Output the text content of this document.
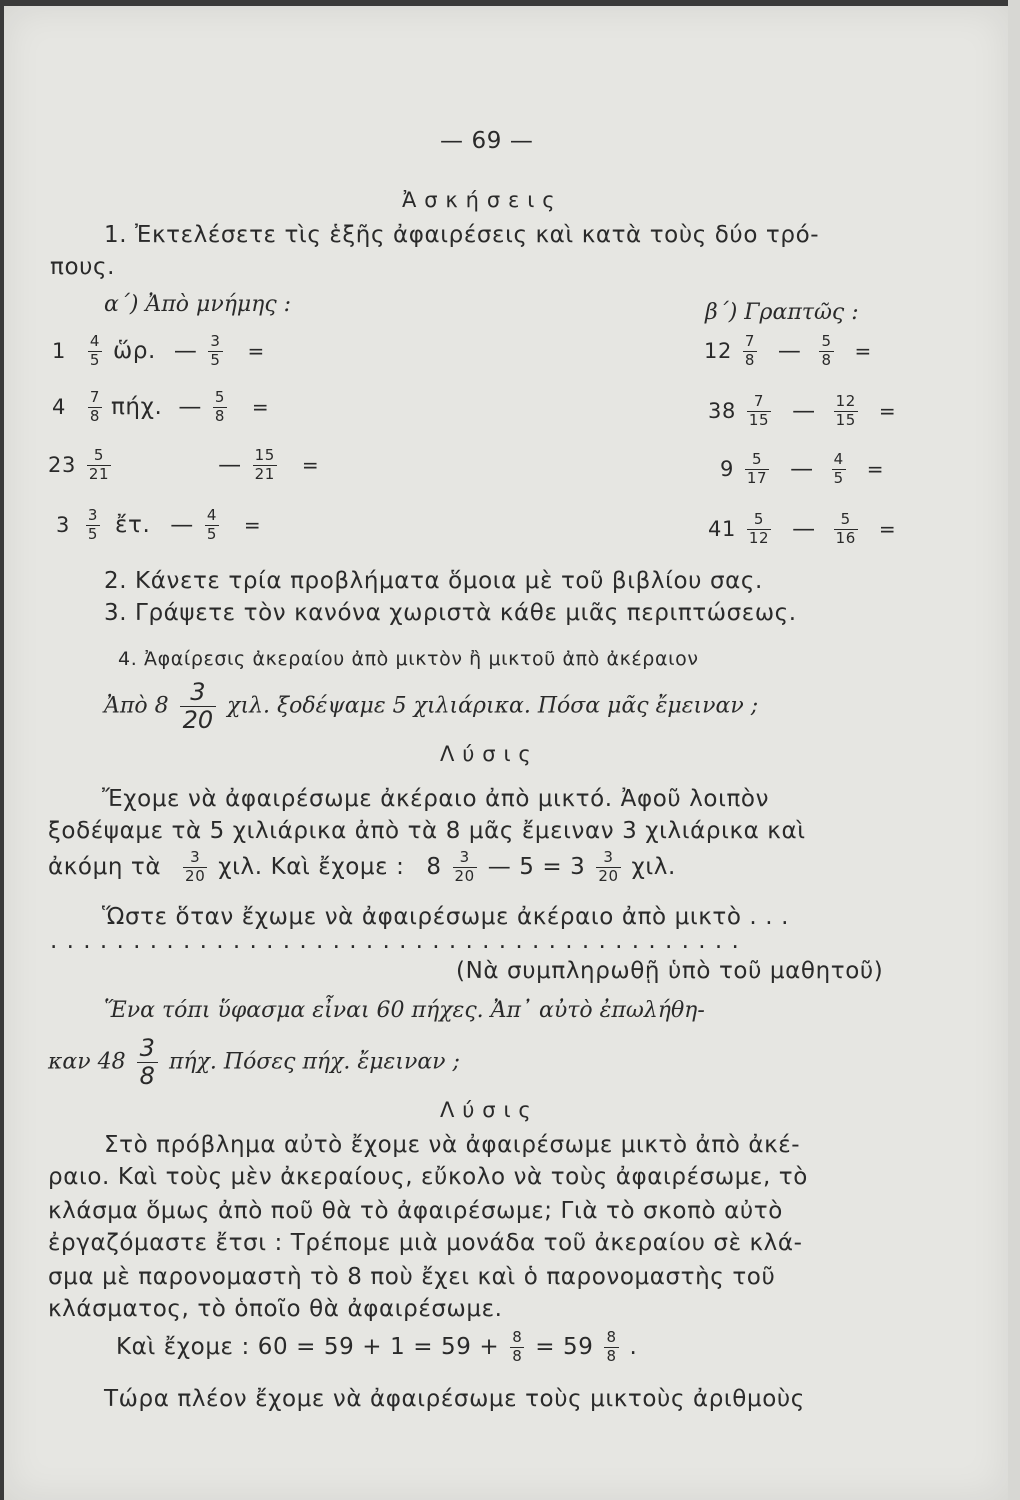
— 69 —
Ἀ σ κ ή σ ε ι ς
1. Ἐκτελέσετε τὶς ἑξῆς ἀφαιρέσεις καὶ κατὰ τοὺς δύο τρό-
πους.
α΄) Ἀπὸ μνήμης :	β΄) Γραπτῶς :
$1 \frac{4}{5}$ ὥρ. — $\frac{3}{5}$ =
$4 \frac{7}{8} \pi ή\chi$. — $\frac{5}{8}$ =
$23 \frac{5}{21}$	— $\frac{15}{21}$ =
$3 \frac{3}{5}$ ἔτ. — $\frac{4}{5}$ =
$12 \frac{7}{8}$ — $\frac{5}{8}$ =
$38 \frac{7}{15}$ — $\frac{12}{15}$ =
$9 \frac{5}{17}$ — $\frac{4}{5}$ =
$41 \frac{5}{12}$ — $\frac{5}{16}$ =
2. Κάνετε τρία προβλήματα ὅμοια μὲ τοῦ βιβλίου σας.
3. Γράψετε τὸν κανόνα χωριστὰ κάθε μιᾶς περιπτώσεως.
4. Ἀφαίρεσις ἀκεραίου ἀπὸ μικτὸν ἢ μικτοῦ ἀπὸ ἀκέραιον
Ἀπὸ $8 \frac{3}{20} \chi\iota\lambda$. ξοδέψαμε 5 χιλιάρικα. Πόσα μᾶς ἔμειναν ;
Λ ύ σ ι ς
Ἔχομε νὰ ἀφαιρέσωμε ἀκέραιο ἀπὸ μικτό. Ἀφοῦ λοιπὸν
ξοδέψαμε τὰ 5 χιλιάρικα ἀπὸ τὰ 8 μᾶς ἔμειναν 3 χιλιάρικα καὶ
ἀκόμη τὰ $\frac{3}{20} \chi\iota\lambda$. Καὶ ἔχομε : $8 \frac{3}{20}$ — $5 = 3 \frac{3}{20} \chi\iota\lambda$.
Ὥστε ὅταν ἔχωμε νὰ ἀφαιρέσωμε ἀκέραιο ἀπὸ μικτὸ . . .
. . . . . . . . . . . . . . . . . . . . . . . . . . . . . . . . . . . . . . . . . .
(Νὰ συμπληρωθῇ ὑπὸ τοῦ μαθητοῦ)
Ἕνα τόπι ὕφασμα εἶναι 60 πήχες. Ἀπ᾽ αὐτὸ ἐπωλήθη-
καν $48 \frac{3}{8} \pi ή\chi$. Πόσες πήχ. ἔμειναν ;
Λ ύ σ ι ς
Στὸ πρόβλημα αὐτὸ ἔχομε νὰ ἀφαιρέσωμε μικτὸ ἀπὸ ἀκέ-
ραιο. Καὶ τοὺς μὲν ἀκεραίους, εὔκολο νὰ τοὺς ἀφαιρέσωμε, τὸ
κλάσμα ὅμως ἀπὸ ποῦ θὰ τὸ ἀφαιρέσωμε; Γιὰ τὸ σκοπὸ αὐτὸ
ἐργαζόμαστε ἔτσι : Τρέπομε μιὰ μονάδα τοῦ ἀκεραίου σὲ κλά-
σμα μὲ παρονομαστὴ τὸ 8 ποὺ ἔχει καὶ ὁ παρονομαστὴς τοῦ
κλάσματος, τὸ ὁποῖο θὰ ἀφαιρέσωμε.
Καὶ ἔχομε : $60 = 59 + 1 = 59 + \frac{8}{8} = 59 \frac{8}{8}$ .
Τώρα πλέον ἔχομε νὰ ἀφαιρέσωμε τοὺς μικτοὺς ἀριθμοὺς
